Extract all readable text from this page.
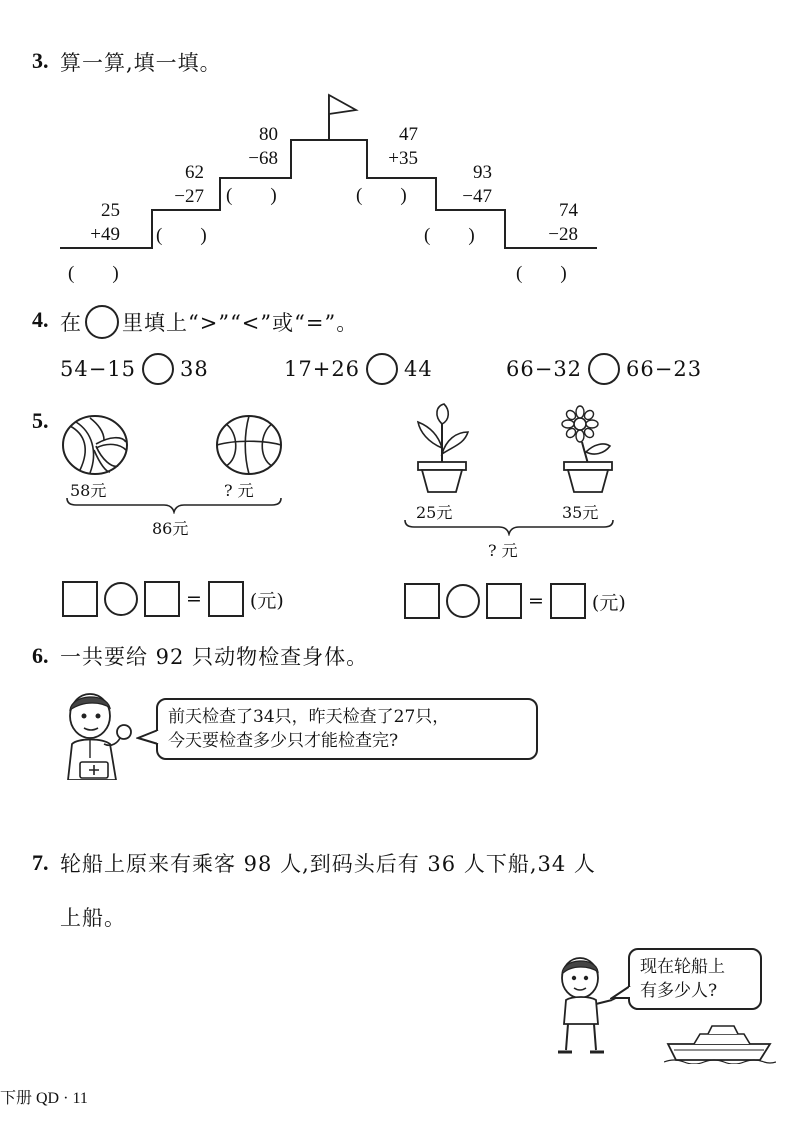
3. 算一算,填一填。
25
+49
(　　)
62
−27
(　　)
80
−68
(　　)
47
+35
(　　)
93
−47
(　　)
74
−28
(　　)
4. 在 里填上“>”“<”或“=”。
54−15 38	17+26 44	66−32 66−23
5.
58元	? 元
86元
25元	35元
? 元
=	(元)	=	(元)
6. 一共要给 92 只动物检查身体。
前天检查了34只，昨天检查了27只，
今天要检查多少只才能检查完?
7. 轮船上原来有乘客 98 人,到码头后有 36 人下船,34 人
上船。
现在轮船上
有多少人?
下册 QD · 11
